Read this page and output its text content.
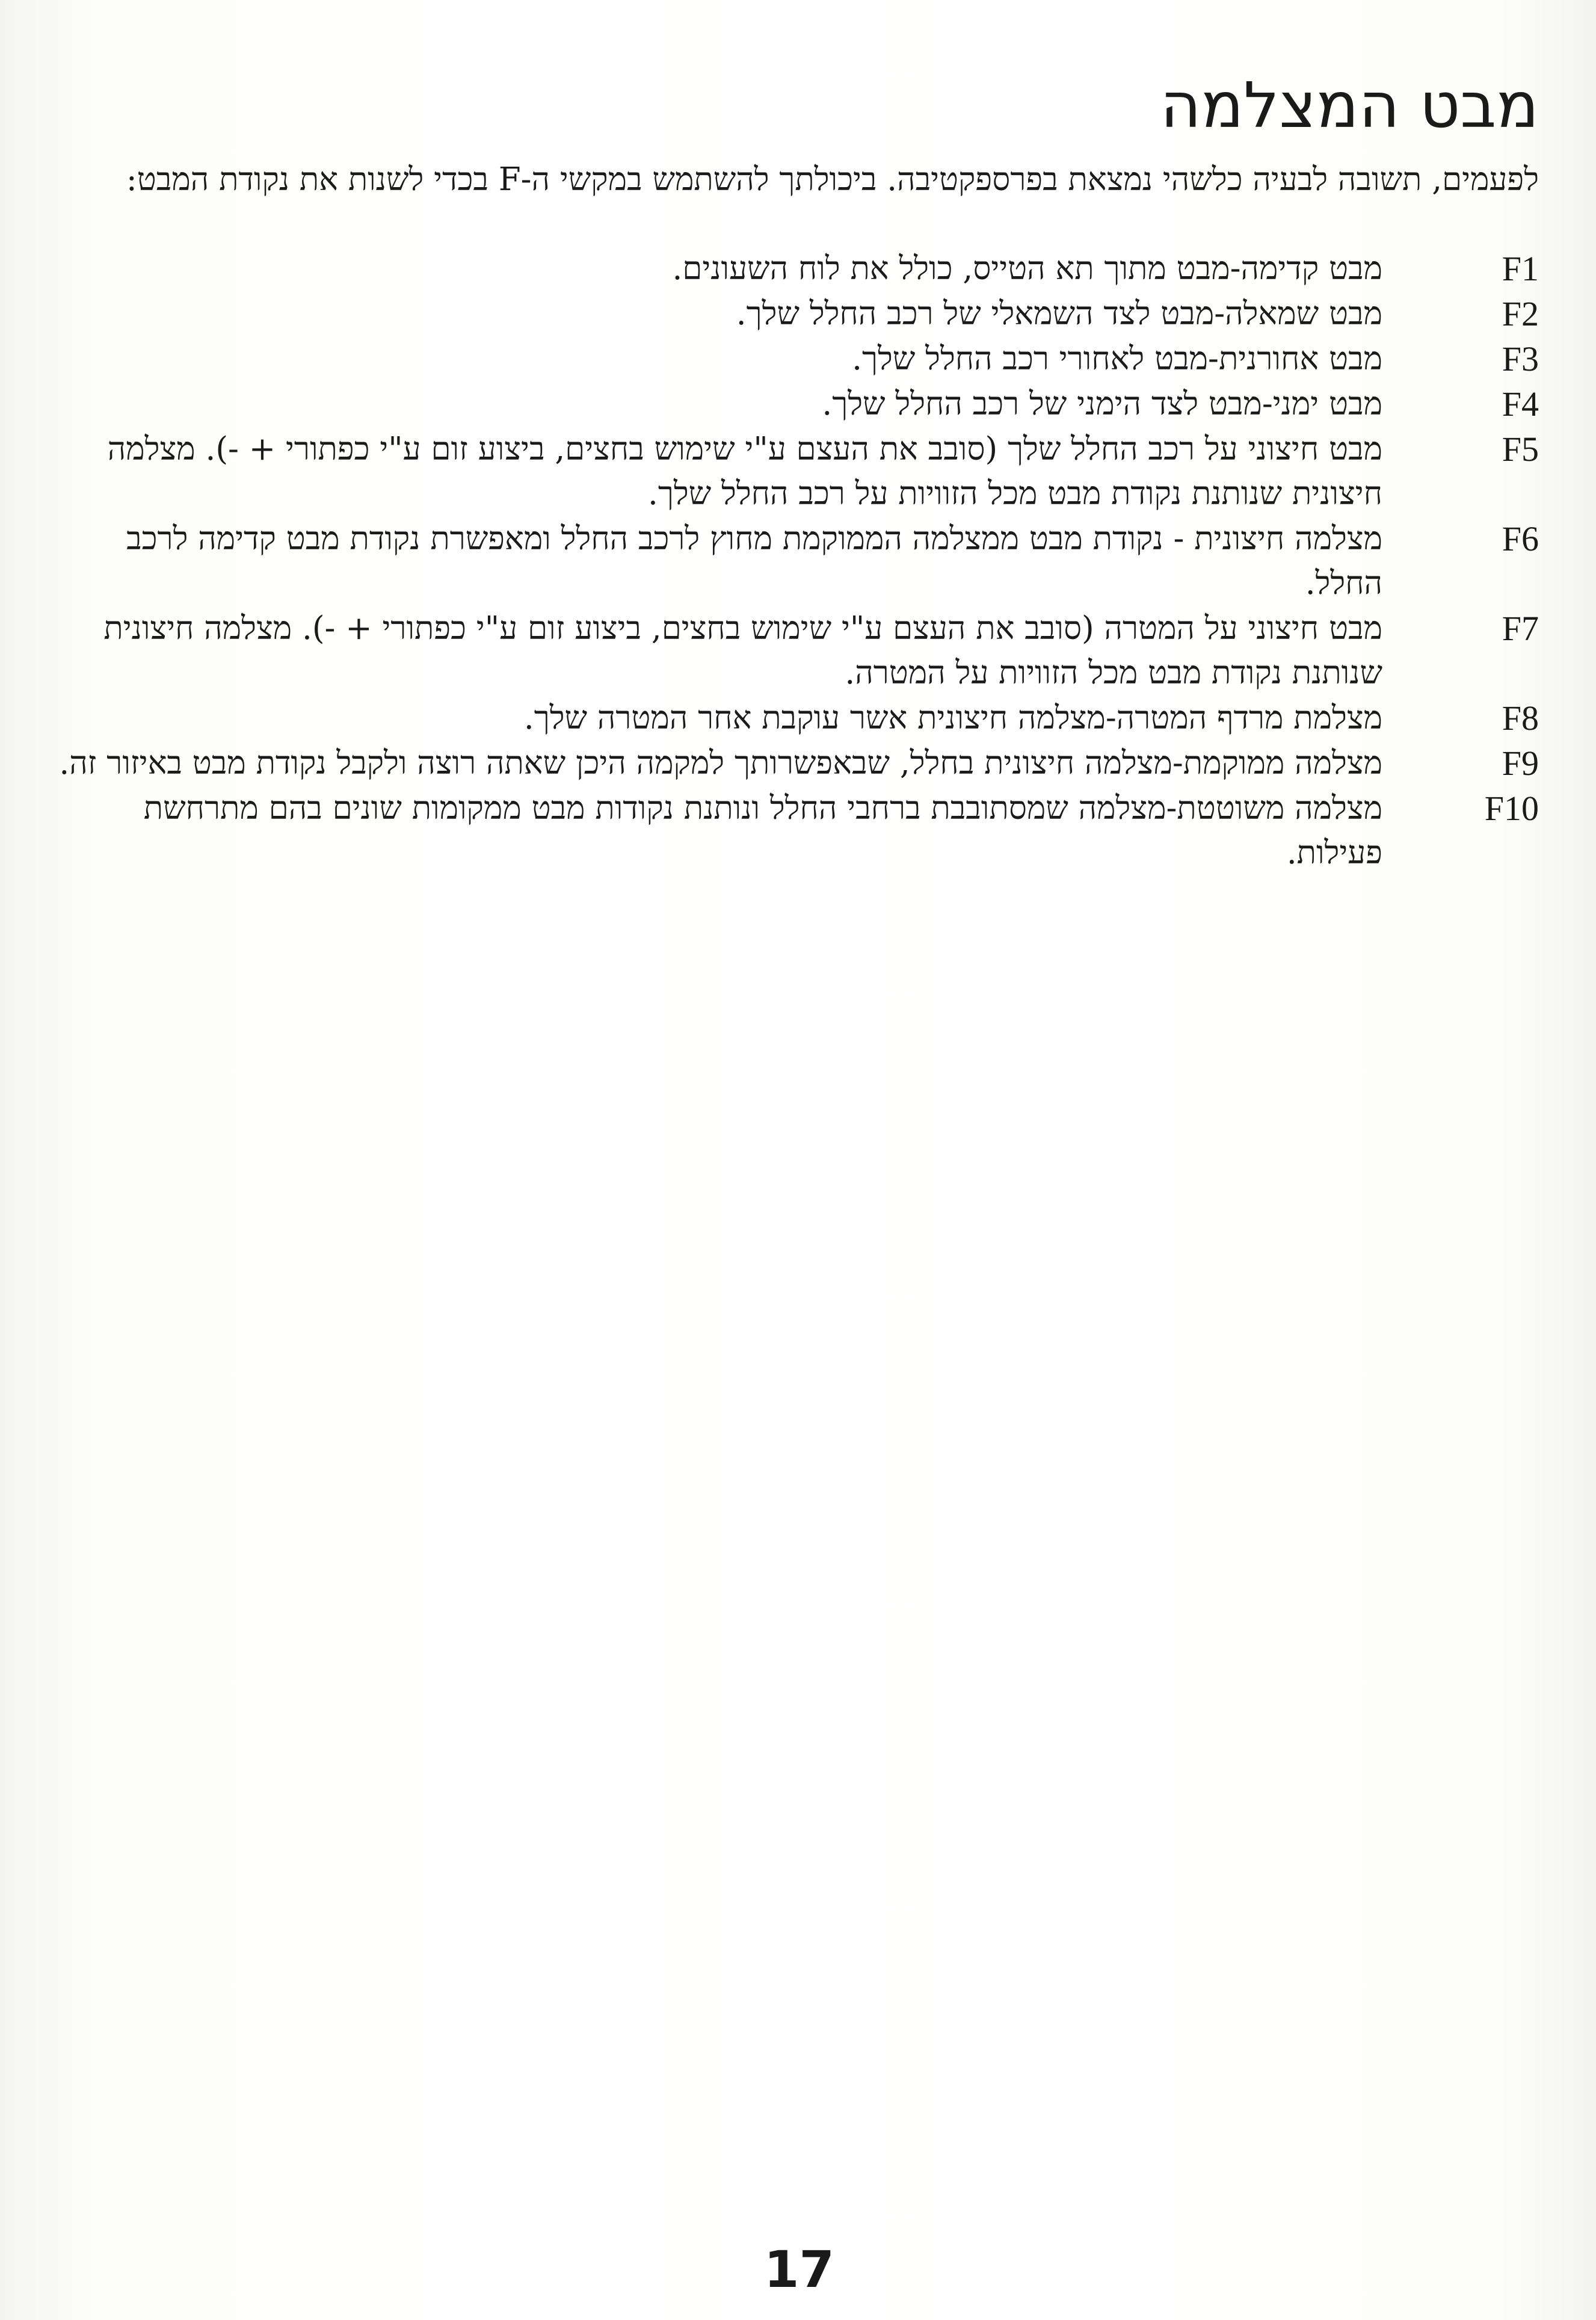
מבט המצלמה

לפעמים, תשובה לבעיה כלשהי נמצאת בפרספקטיבה. ביכולתך להשתמש במקשי ה-F בכדי לשנות את נקודת המבט:

F1
מבט קדימה-מבט מתוך תא הטייס, כולל את לוח השעונים.
F2
מבט שמאלה-מבט לצד השמאלי של רכב החלל שלך.
F3
מבט אחורנית-מבט לאחורי רכב החלל שלך.
F4
מבט ימני-מבט לצד הימני של רכב החלל שלך.
F5
מבט חיצוני על רכב החלל שלך (סובב את העצם ע"י שימוש בחצים, ביצוע זום ע"י כפתורי + -). מצלמה חיצונית שנותנת נקודת מבט מכל הזוויות על רכב החלל שלך.
F6
מצלמה חיצונית - נקודת מבט ממצלמה הממוקמת מחוץ לרכב החלל ומאפשרת נקודת מבט קדימה לרכב החלל.
F7
מבט חיצוני על המטרה (סובב את העצם ע"י שימוש בחצים, ביצוע זום ע"י כפתורי + -). מצלמה חיצונית שנותנת נקודת מבט מכל הזוויות על המטרה.
F8
מצלמת מרדף המטרה-מצלמה חיצונית אשר עוקבת אחר המטרה שלך.
F9
מצלמה ממוקמת-מצלמה חיצונית בחלל, שבאפשרותך למקמה היכן שאתה רוצה ולקבל נקודת מבט באיזור זה.
F10
מצלמה משוטטת-מצלמה שמסתובבת ברחבי החלל ונותנת נקודות מבט ממקומות שונים בהם מתרחשת פעילות.
17
